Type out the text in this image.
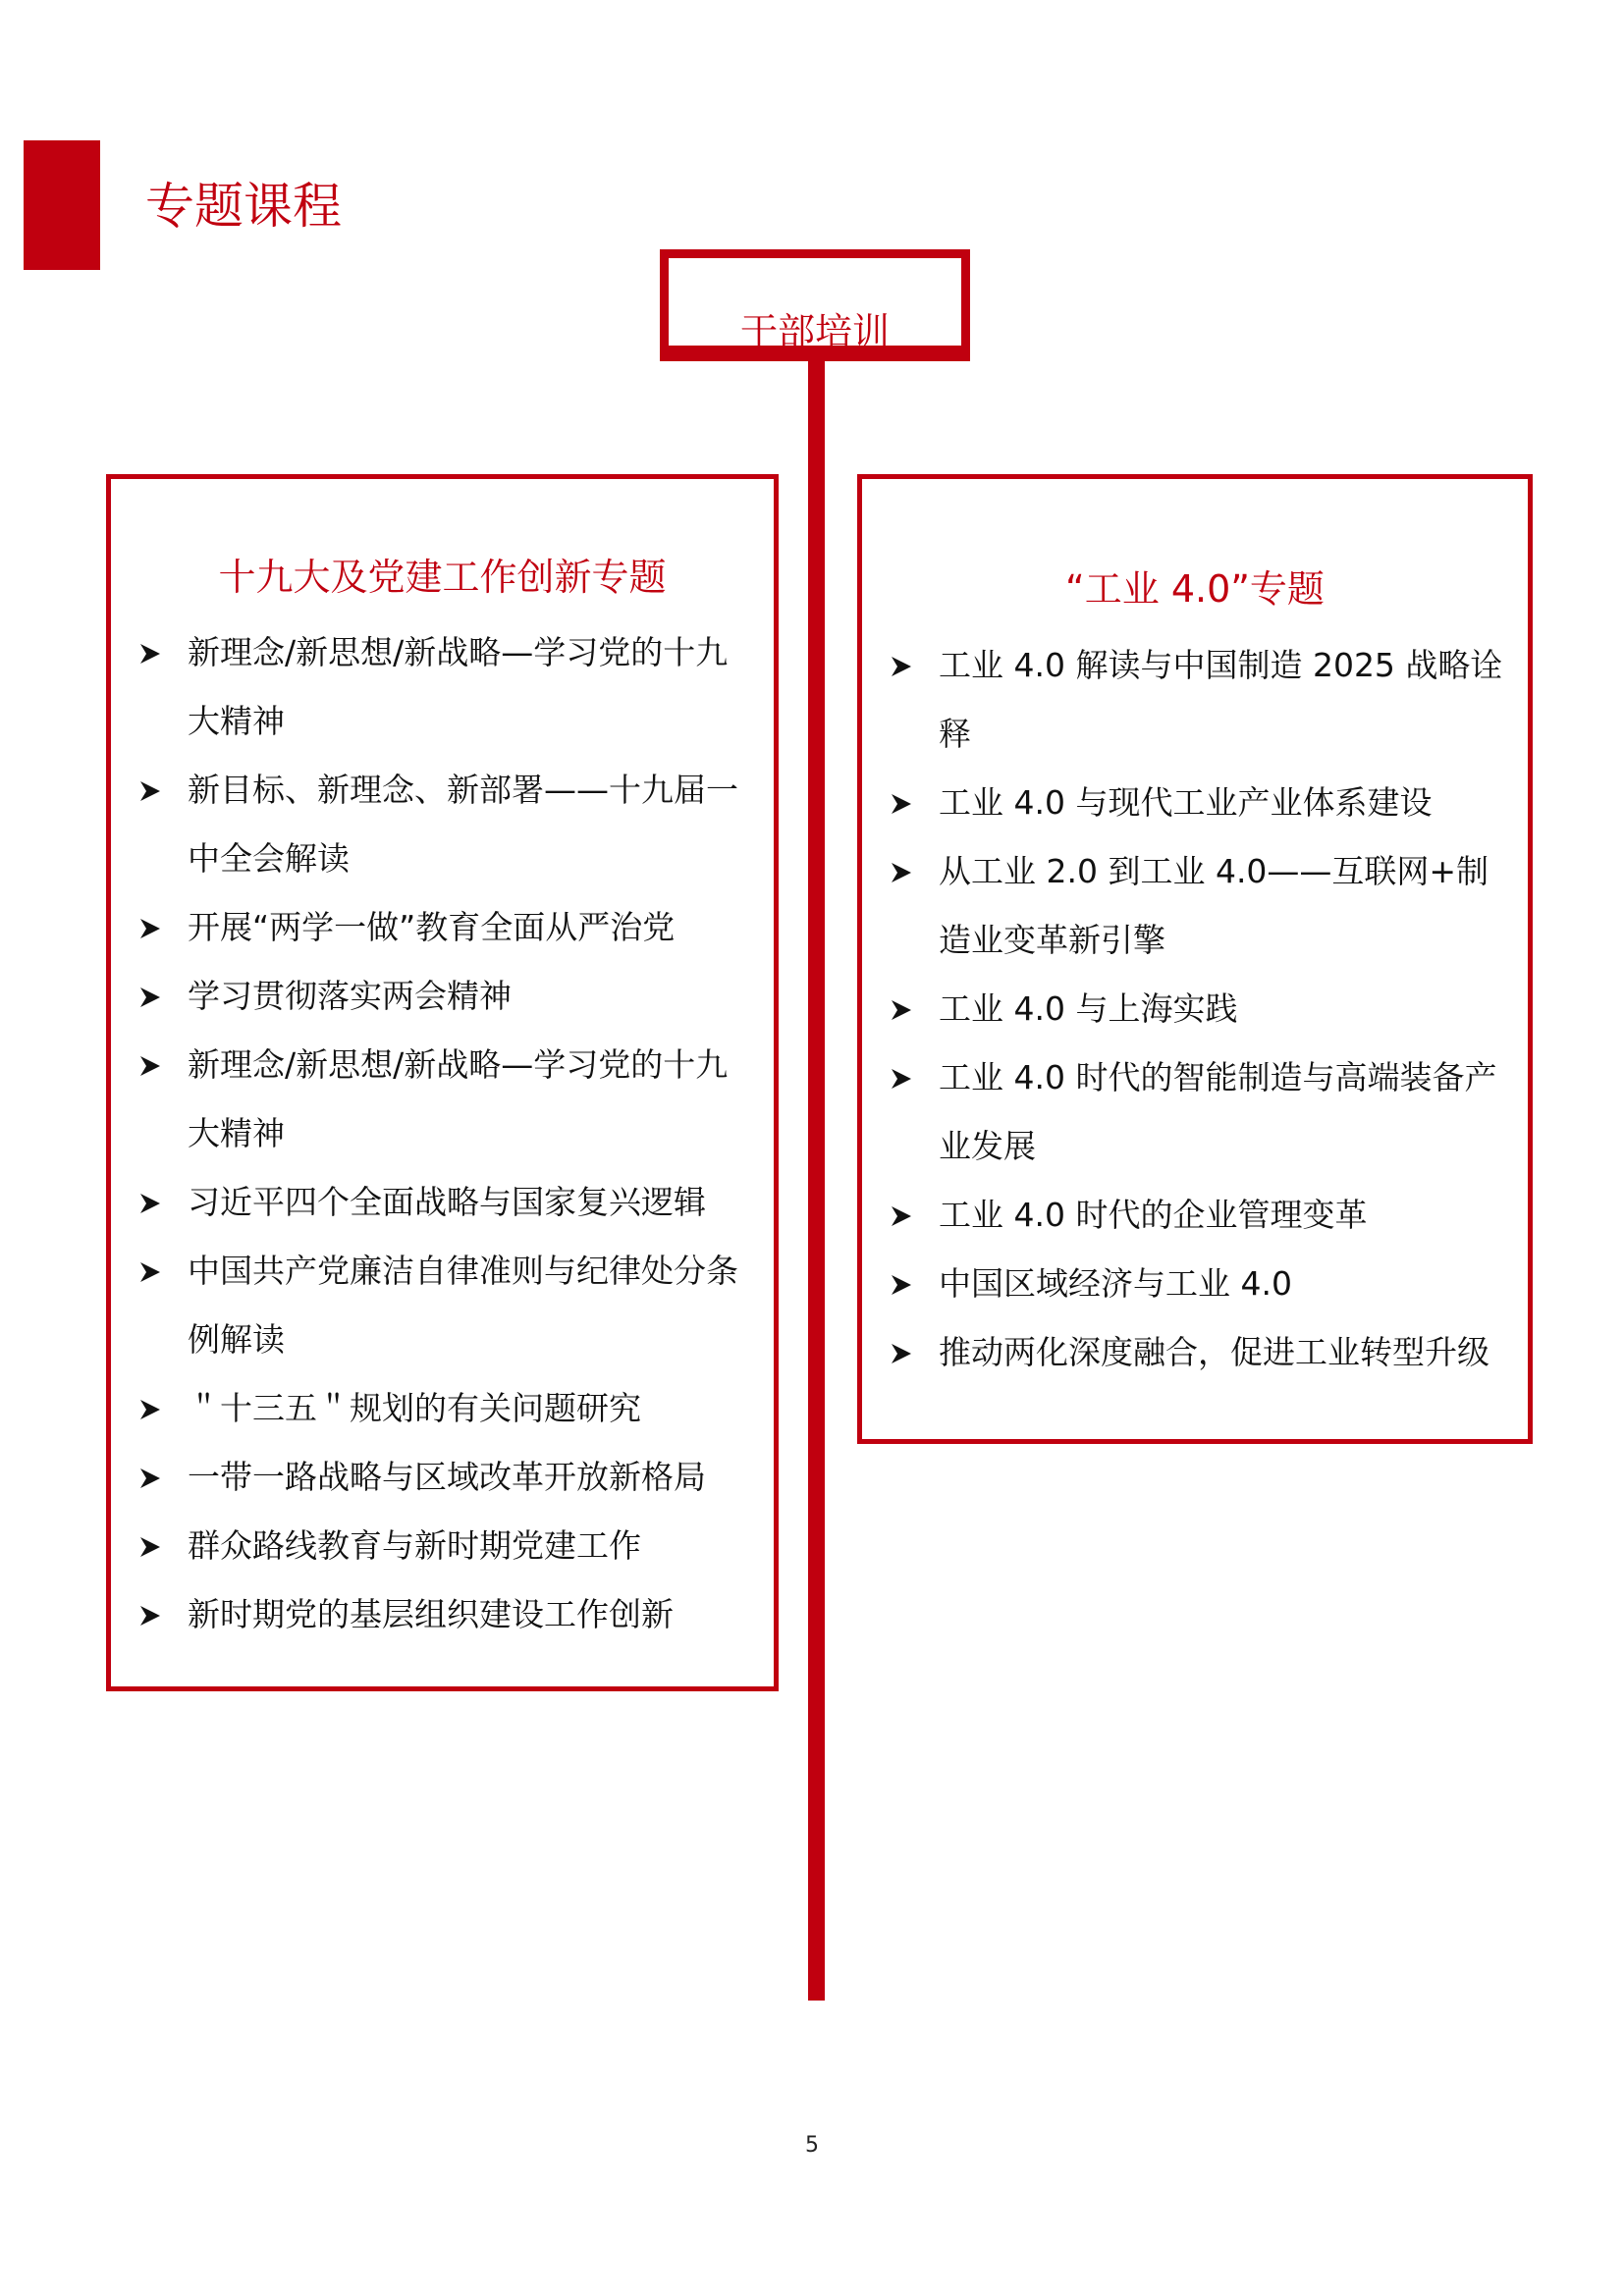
专题课程
干部培训
十九大及党建工作创新专题
新理念/新思想/新战略—学习党的十九大精神
新目标、新理念、新部署——十九届一中全会解读
开展“两学一做”教育全面从严治党
学习贯彻落实两会精神
新理念/新思想/新战略—学习党的十九大精神
习近平四个全面战略与国家复兴逻辑
中国共产党廉洁自律准则与纪律处分条例解读
＂十三五＂规划的有关问题研究
一带一路战略与区域改革开放新格局
群众路线教育与新时期党建工作
新时期党的基层组织建设工作创新
“工业 4.0”专题
工业 4.0 解读与中国制造 2025 战略诠释
工业 4.0 与现代工业产业体系建设
从工业 2.0 到工业 4.0——互联网+制造业变革新引擎
工业 4.0 与上海实践
工业 4.0 时代的智能制造与高端装备产业发展
工业 4.0 时代的企业管理变革
中国区域经济与工业 4.0
推动两化深度融合，促进工业转型升级
5
